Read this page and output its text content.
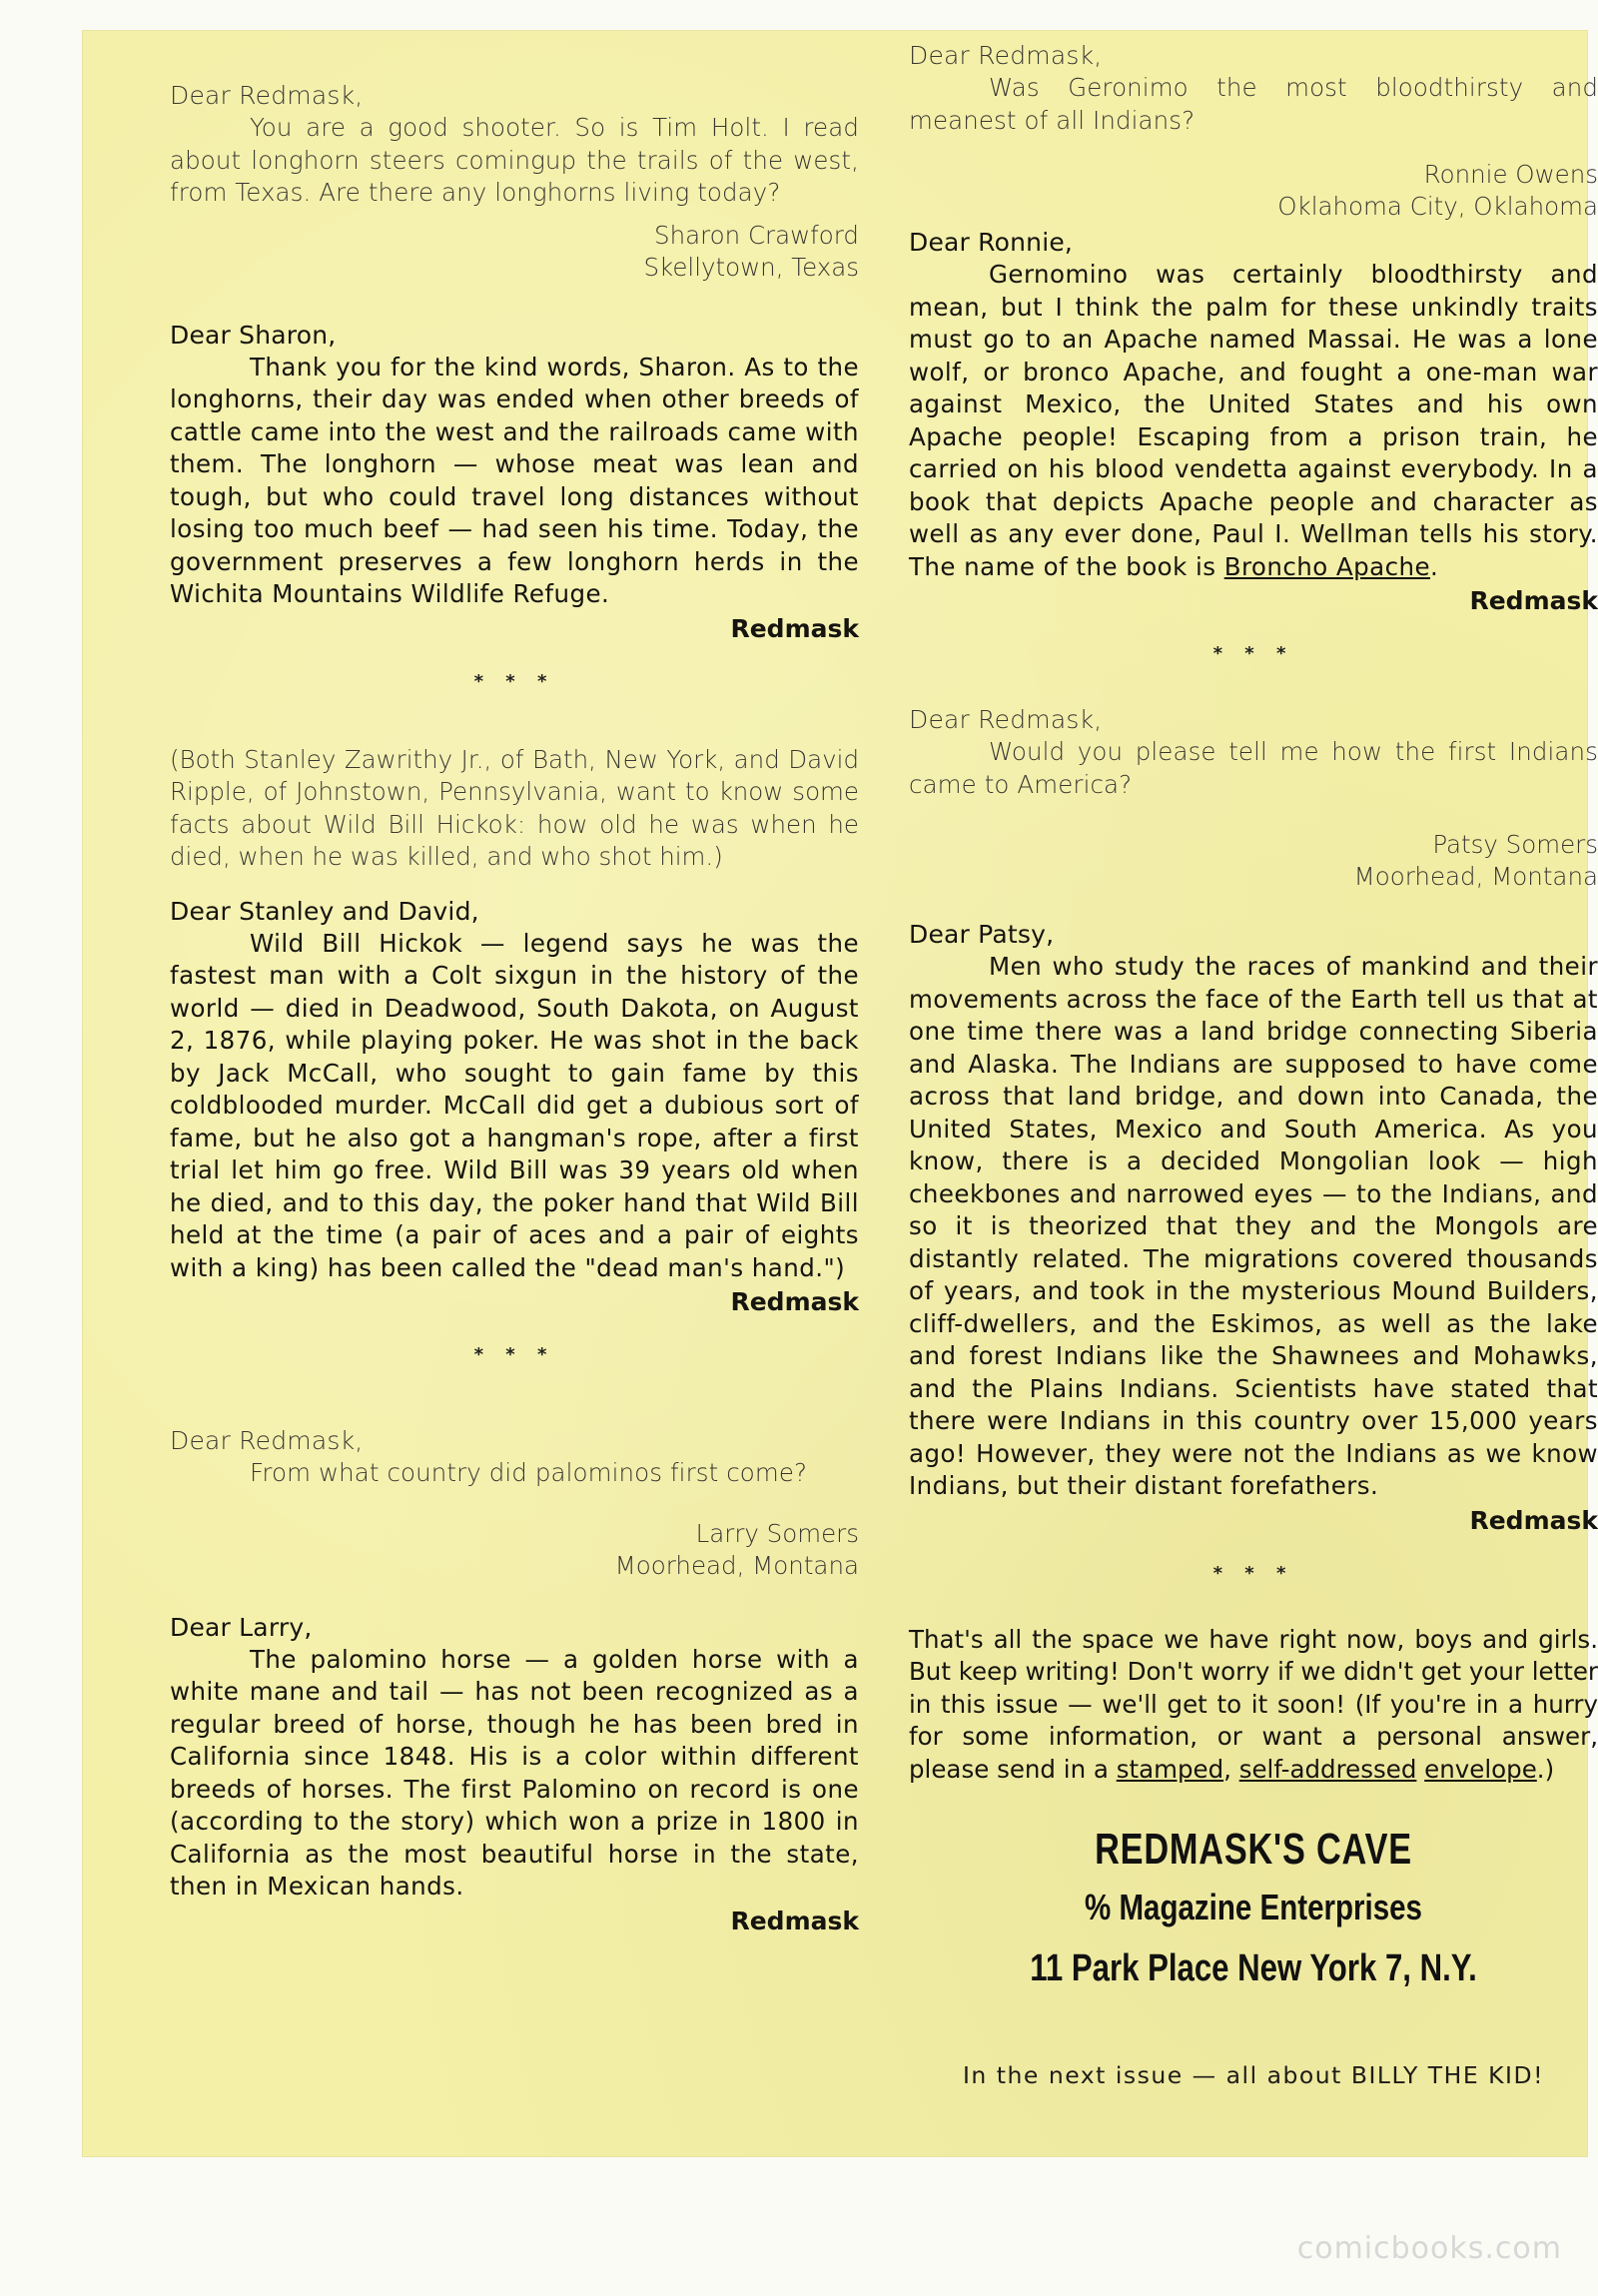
Dear Redmask,

You are a good shooter. So is Tim Holt. I read about longhorn steers comingup the trails of the west, from Texas. Are there any longhorns living today?

Sharon Crawford
Skellytown, Texas

Dear Sharon,

Thank you for the kind words, Sharon. As to the longhorns, their day was ended when other breeds of cattle came into the west and the railroads came with them. The longhorn — whose meat was lean and tough, but who could travel long distances without losing too much beef — had seen his time. Today, the government preserves a few longhorn herds in the Wichita Mountains Wildlife Refuge.

Redmask

* * *

(Both Stanley Zawrithy Jr., of Bath, New York, and David Ripple, of Johnstown, Pennsylvania, want to know some facts about Wild Bill Hickok: how old he was when he died, when he was killed, and who shot him.)

Dear Stanley and David,

Wild Bill Hickok — legend says he was the fastest man with a Colt sixgun in the history of the world — died in Deadwood, South Dakota, on August 2, 1876, while playing poker. He was shot in the back by Jack McCall, who sought to gain fame by this coldblooded murder. McCall did get a dubious sort of fame, but he also got a hangman's rope, after a first trial let him go free. Wild Bill was 39 years old when he died, and to this day, the poker hand that Wild Bill held at the time (a pair of aces and a pair of eights with a king) has been called the "dead man's hand.")

Redmask

* * *

Dear Redmask,

From what country did palominos first come?

Larry Somers
Moorhead, Montana

Dear Larry,

The palomino horse — a golden horse with a white mane and tail — has not been recognized as a regular breed of horse, though he has been bred in California since 1848. His is a color within different breeds of horses. The first Palomino on record is one (according to the story) which won a prize in 1800 in California as the most beautiful horse in the state, then in Mexican hands.

Redmask

Dear Redmask,

Was Geronimo the most bloodthirsty and meanest of all Indians?

Ronnie Owens
Oklahoma City, Oklahoma

Dear Ronnie,

Gernomino was certainly bloodthirsty and mean, but I think the palm for these unkindly traits must go to an Apache named Massai. He was a lone wolf, or bronco Apache, and fought a one-man war against Mexico, the United States and his own Apache people! Escaping from a prison train, he carried on his blood vendetta against everybody. In a book that depicts Apache people and character as well as any ever done, Paul I. Wellman tells his story. The name of the book is Broncho Apache.

Redmask

* * *

Dear Redmask,

Would you please tell me how the first Indians came to America?

Patsy Somers
Moorhead, Montana

Dear Patsy,

Men who study the races of mankind and their movements across the face of the Earth tell us that at one time there was a land bridge connecting Siberia and Alaska. The Indians are supposed to have come across that land bridge, and down into Canada, the United States, Mexico and South America. As you know, there is a decided Mongolian look — high cheekbones and narrowed eyes — to the Indians, and so it is theorized that they and the Mongols are distantly related. The migrations covered thousands of years, and took in the mysterious Mound Builders, cliff-dwellers, and the Eskimos, as well as the lake and forest Indians like the Shawnees and Mohawks, and the Plains Indians. Scientists have stated that there were Indians in this country over 15,000 years ago! However, they were not the Indians as we know Indians, but their distant forefathers.

Redmask

* * *

That's all the space we have right now, boys and girls. But keep writing! Don't worry if we didn't get your letter in this issue — we'll get to it soon! (If you're in a hurry for some information, or want a personal answer, please send in a stamped, self-addressed envelope.)

REDMASK'S CAVE
% Magazine Enterprises
11 Park Place New York 7, N.Y.
In the next issue — all about BILLY THE KID!
comicbooks.com
